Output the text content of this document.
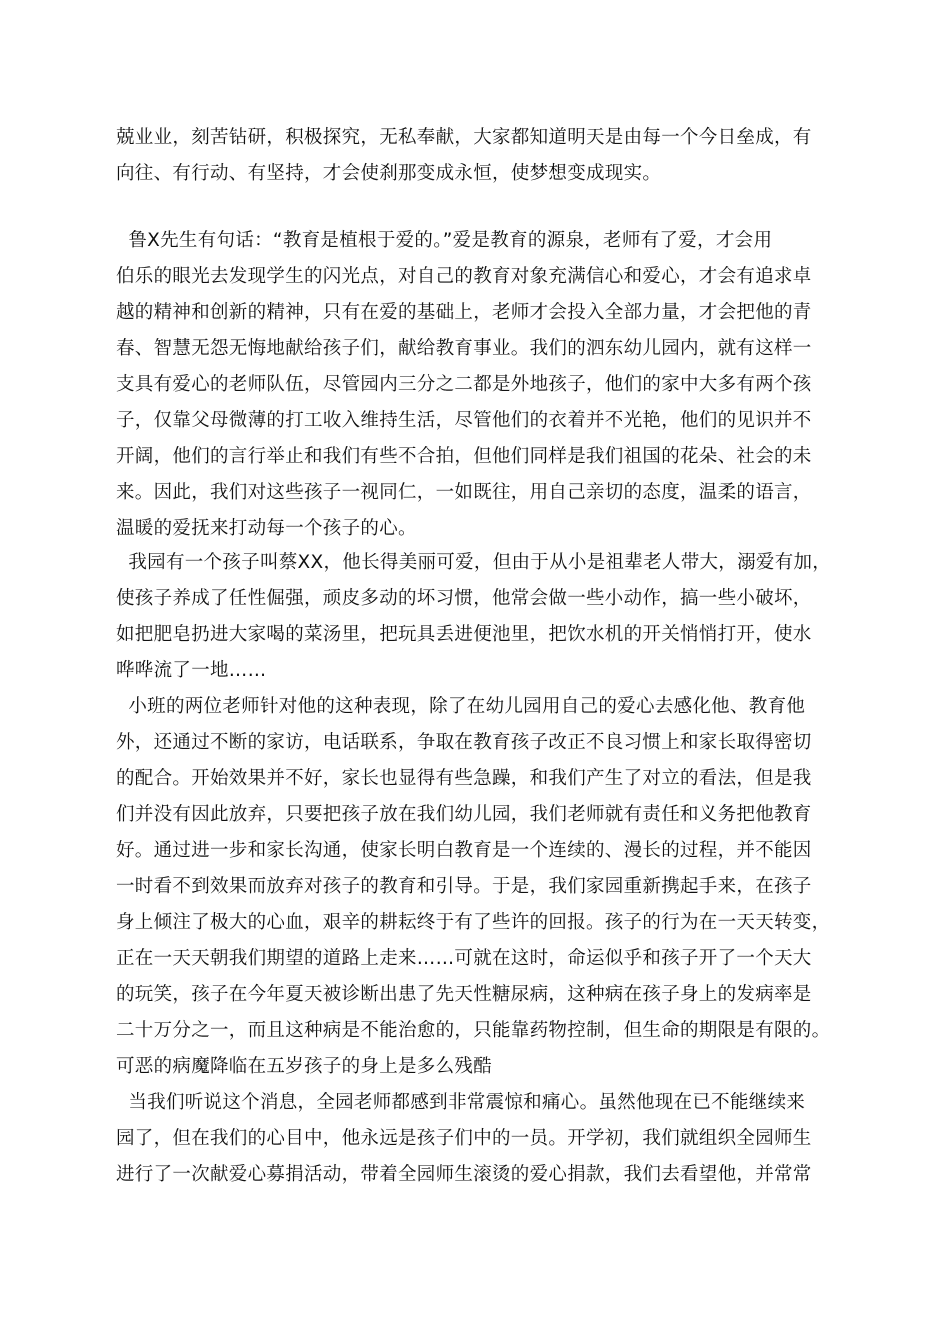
兢业业，刻苦钻研，积极探究，无私奉献，大家都知道明天是由每一个今日垒成，有
向往、有行动、有坚持，才会使刹那变成永恒，使梦想变成现实。
鲁X先生有句话：“教育是植根于爱的。”爱是教育的源泉，老师有了爱，才会用
伯乐的眼光去发现学生的闪光点，对自己的教育对象充满信心和爱心，才会有追求卓
越的精神和创新的精神，只有在爱的基础上，老师才会投入全部力量，才会把他的青
春、智慧无怨无悔地献给孩子们，献给教育事业。我们的泗东幼儿园内，就有这样一
支具有爱心的老师队伍，尽管园内三分之二都是外地孩子，他们的家中大多有两个孩
子，仅靠父母微薄的打工收入维持生活，尽管他们的衣着并不光艳，他们的见识并不
开阔，他们的言行举止和我们有些不合拍，但他们同样是我们祖国的花朵、社会的未
来。因此，我们对这些孩子一视同仁，一如既往，用自己亲切的态度，温柔的语言，
温暖的爱抚来打动每一个孩子的心。
我园有一个孩子叫蔡XX，他长得美丽可爱，但由于从小是祖辈老人带大，溺爱有加，
使孩子养成了任性倔强，顽皮多动的坏习惯，他常会做一些小动作，搞一些小破坏，
如把肥皂扔进大家喝的菜汤里，把玩具丢进便池里，把饮水机的开关悄悄打开，使水
哗哗流了一地……
小班的两位老师针对他的这种表现，除了在幼儿园用自己的爱心去感化他、教育他
外，还通过不断的家访，电话联系，争取在教育孩子改正不良习惯上和家长取得密切
的配合。开始效果并不好，家长也显得有些急躁，和我们产生了对立的看法，但是我
们并没有因此放弃，只要把孩子放在我们幼儿园，我们老师就有责任和义务把他教育
好。通过进一步和家长沟通，使家长明白教育是一个连续的、漫长的过程，并不能因
一时看不到效果而放弃对孩子的教育和引导。于是，我们家园重新携起手来，在孩子
身上倾注了极大的心血，艰辛的耕耘终于有了些许的回报。孩子的行为在一天天转变，
正在一天天朝我们期望的道路上走来……可就在这时，命运似乎和孩子开了一个天大
的玩笑，孩子在今年夏天被诊断出患了先天性糖尿病，这种病在孩子身上的发病率是
二十万分之一，而且这种病是不能治愈的，只能靠药物控制，但生命的期限是有限的。
可恶的病魔降临在五岁孩子的身上是多么残酷
当我们听说这个消息，全园老师都感到非常震惊和痛心。虽然他现在已不能继续来
园了，但在我们的心目中，他永远是孩子们中的一员。开学初，我们就组织全园师生
进行了一次献爱心募捐活动，带着全园师生滚烫的爱心捐款，我们去看望他，并常常
